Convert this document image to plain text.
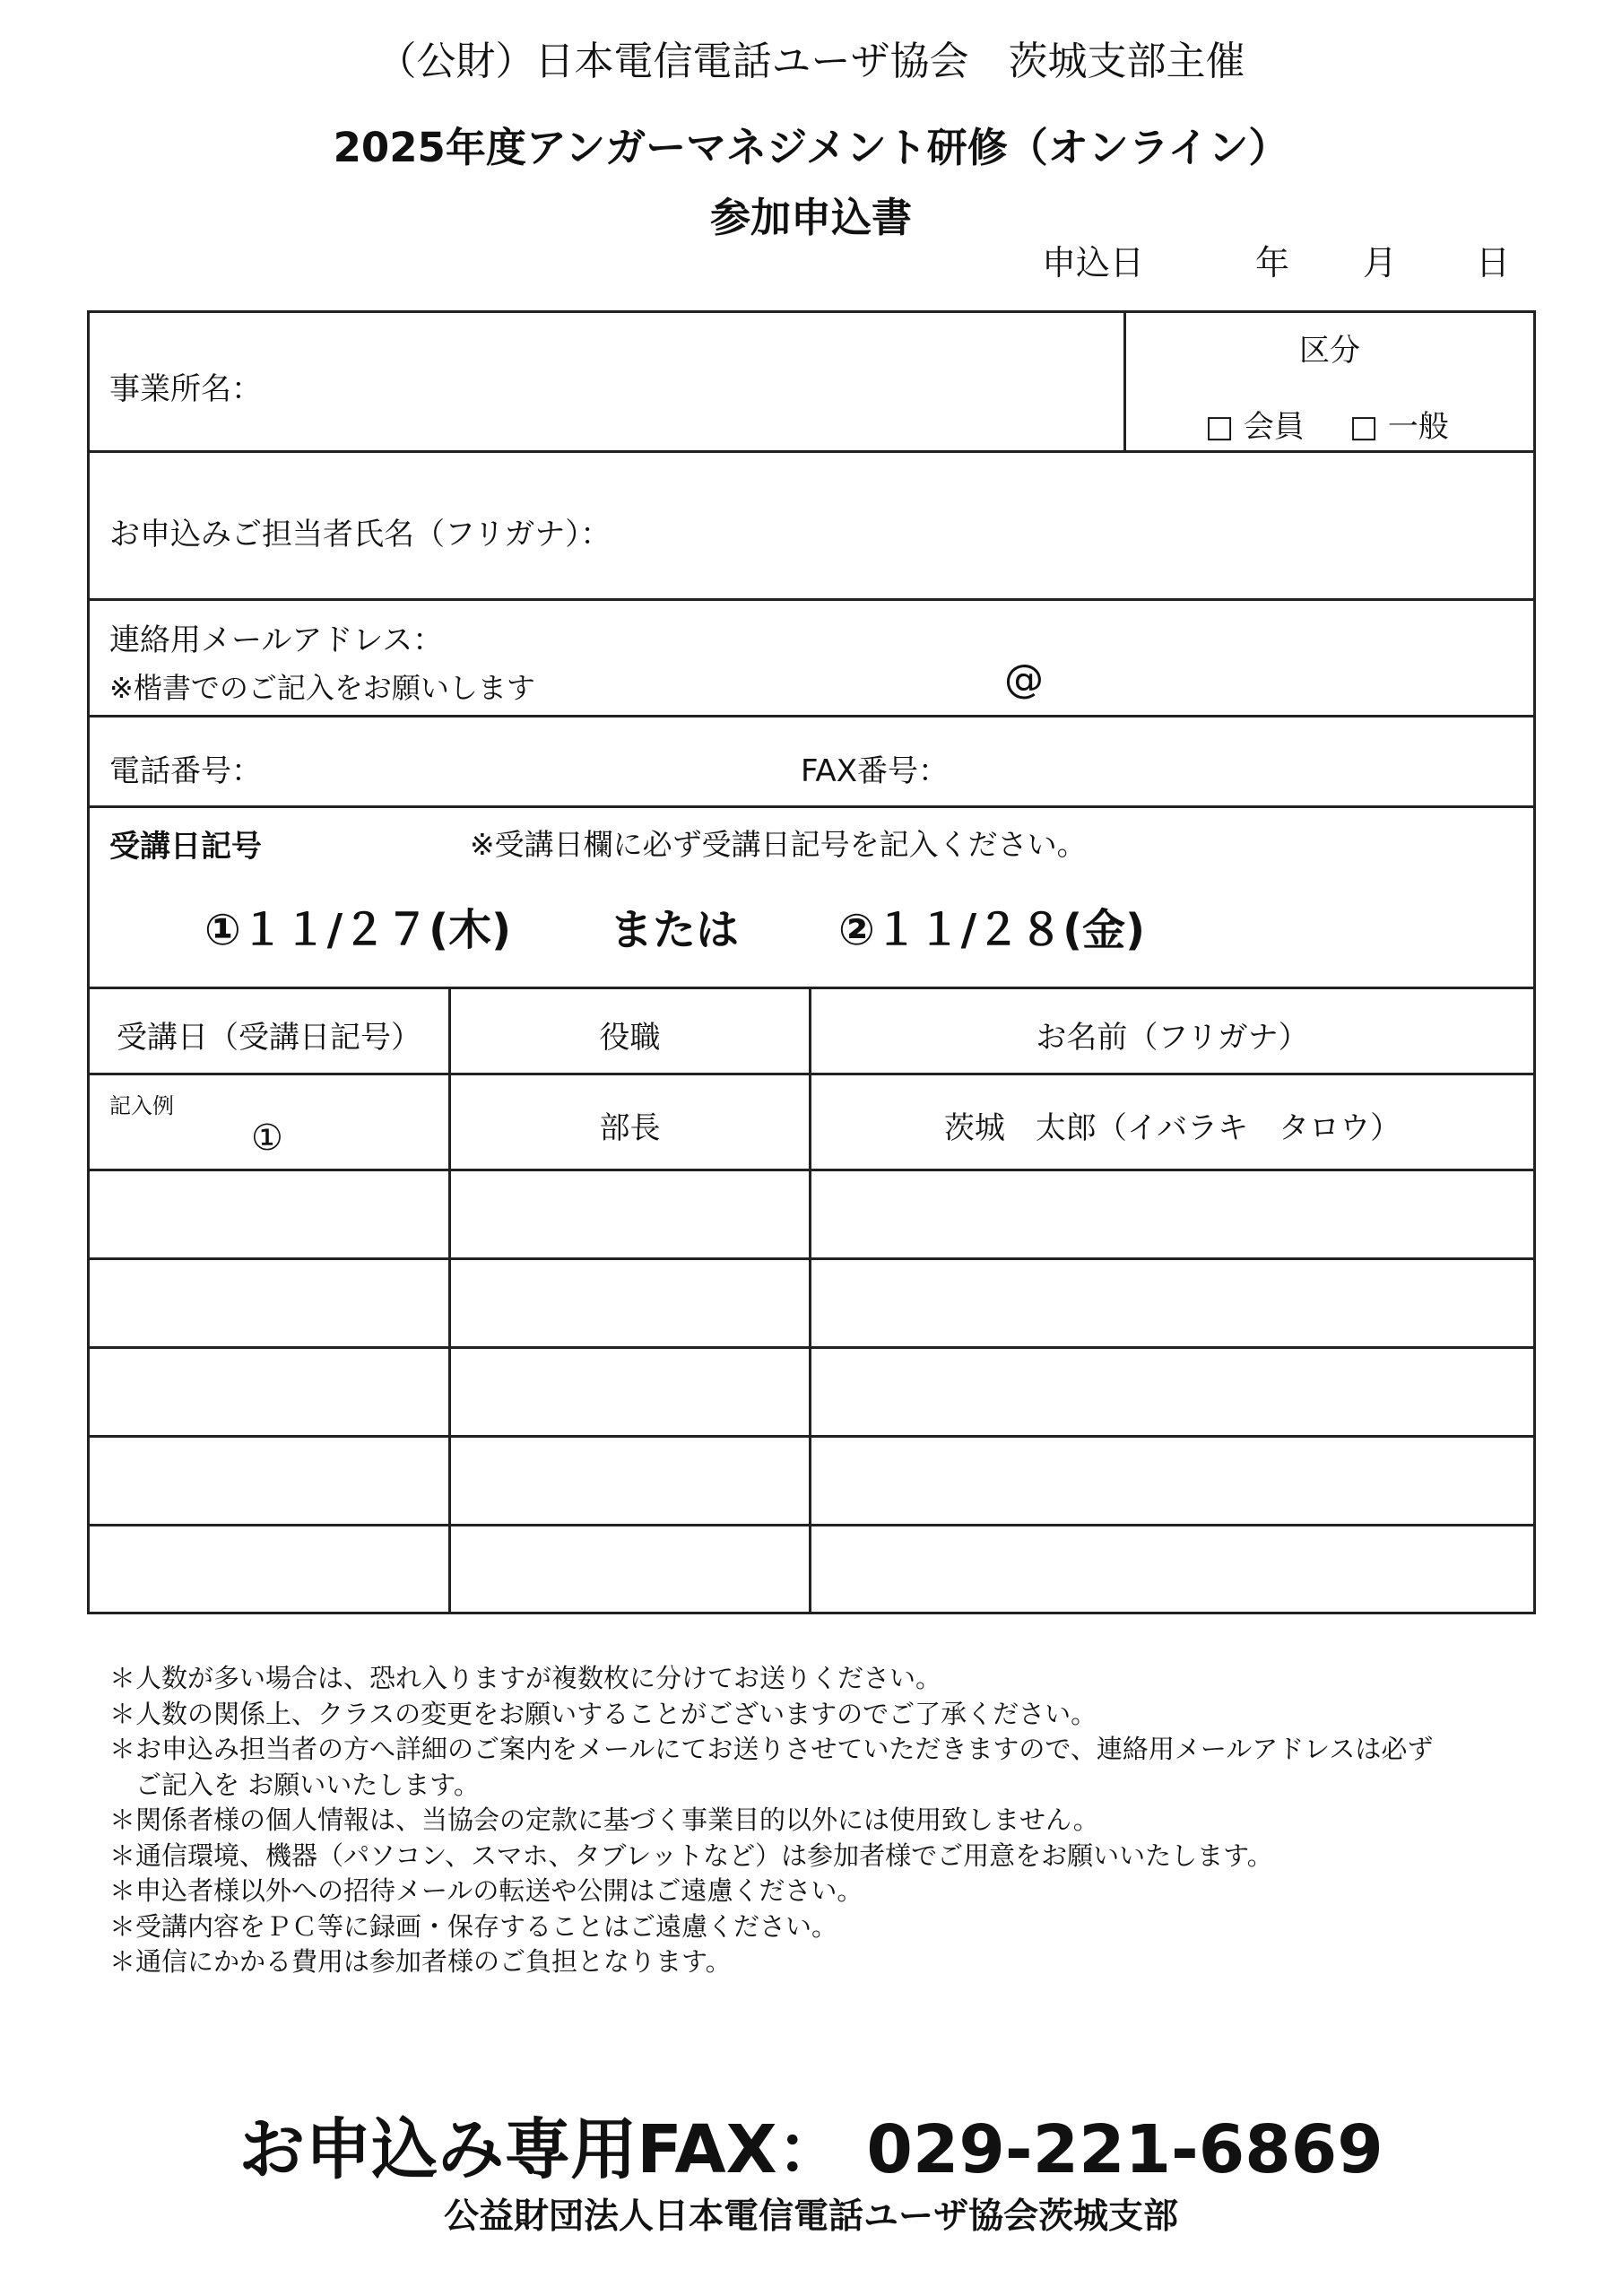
（公財）日本電信電話ユーザ協会　茨城支部主催
2025年度アンガーマネジメント研修（オンライン）
参加申込書
申込日	年 月 日
事業所名：
区分
□ 会員 □ 一般
お申込みご担当者氏名（フリガナ）：
連絡用メールアドレス：
※楷書でのご記入をお願いします	@
電話番号：	FAX番号：
受講日記号	※受講日欄に必ず受講日記号を記入ください。
①１１/２７(木) または ②１１/２８(金)
受講日（受講日記号）	役職	お名前（フリガナ）
記入例
①	部長	茨城　太郎（イバラキ　タロウ）
＊人数が多い場合は、恐れ入りますが複数枚に分けてお送りください。
＊人数の関係上、クラスの変更をお願いすることがございますのでご了承ください。
＊お申込み担当者の方へ詳細のご案内をメールにてお送りさせていただきますので、連絡用メールアドレスは必ず
　ご記入を お願いいたします。
＊関係者様の個人情報は、当協会の定款に基づく事業目的以外には使用致しません。
＊通信環境、機器（パソコン、スマホ、タブレットなど）は参加者様でご用意をお願いいたします。
＊申込者様以外への招待メールの転送や公開はご遠慮ください。
＊受講内容をＰＣ等に録画・保存することはご遠慮ください。
＊通信にかかる費用は参加者様のご負担となります。
お申込み専用FAX： 029-221-6869
公益財団法人日本電信電話ユーザ協会茨城支部
